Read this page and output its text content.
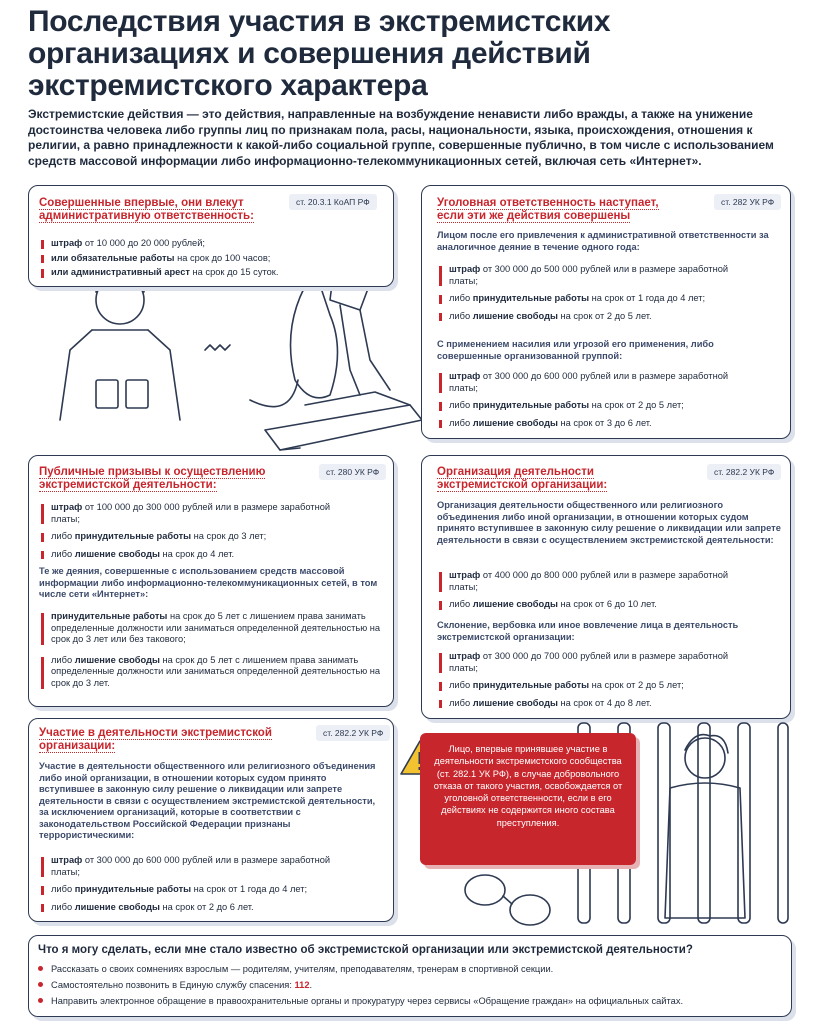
Последствия участия в экстремистских организациях и совершения действий экстремистского характера
Экстремистские действия — это действия, направленные на возбуждение ненависти либо вражды, а также на унижение достоинства человека либо группы лиц по признакам пола, расы, национальности, языка, происхождения, отношения к религии, а равно принадлежности к какой-либо социальной группе, совершенные публично, в том числе с использованием средств массовой информации либо информационно-телекоммуникационных сетей, включая сеть «Интернет».
Совершенные впервые, они влекут административную ответственность:
ст. 20.3.1 КоАП РФ
штраф от 10 000 до 20 000 рублей;
или обязательные работы на срок до 100 часов;
или административный арест на срок до 15 суток.
Уголовная ответственность наступает, если эти же действия совершены
ст. 282 УК РФ
Лицом после его привлечения к административной ответственности за аналогичное деяние в течение одного года:
штраф от 300 000 до 500 000 рублей или в размере заработной платы;
либо принудительные работы на срок от 1 года до 4 лет;
либо лишение свободы на срок от 2 до 5 лет.
С применением насилия или угрозой его применения, либо совершенные организованной группой:
штраф от 300 000 до 600 000 рублей или в размере заработной платы;
либо принудительные работы на срок от 2 до 5 лет;
либо лишение свободы на срок от 3 до 6 лет.
Публичные призывы к осуществлению экстремистской деятельности:
ст. 280 УК РФ
штраф от 100 000 до 300 000 рублей или в размере заработной платы;
либо принудительные работы на срок до 3 лет;
либо лишение свободы на срок до 4 лет.
Те же деяния, совершенные с использованием средств массовой информации либо информационно-телекоммуникационных сетей, в том числе сети «Интернет»:
принудительные работы на срок до 5 лет с лишением права занимать определенные должности или заниматься определенной деятельностью на срок до 3 лет или без такового;
либо лишение свободы на срок до 5 лет с лишением права занимать определенные должности или заниматься определенной деятельностью на срок до 3 лет.
Организация деятельности экстремистской организации:
ст. 282.2 УК РФ
Организация деятельности общественного или религиозного объединения либо иной организации, в отношении которых судом принято вступившее в законную силу решение о ликвидации или запрете деятельности в связи с осуществлением экстремистской деятельности:
штраф от 400 000 до 800 000 рублей или в размере заработной платы;
либо лишение свободы на срок от 6 до 10 лет.
Склонение, вербовка или иное вовлечение лица в деятельность экстремистской организации:
штраф от 300 000 до 700 000 рублей или в размере заработной платы;
либо принудительные работы на срок от 2 до 5 лет;
либо лишение свободы на срок от 4 до 8 лет.
Участие в деятельности экстремистской организации:
ст. 282.2 УК РФ
Участие в деятельности общественного или религиозного объединения либо иной организации, в отношении которых судом принято вступившее в законную силу решение о ликвидации или запрете деятельности в связи с осуществлением экстремистской деятельности, за исключением организаций, которые в соответствии с законодательством Российской Федерации признаны террористическими:
штраф от 300 000 до 600 000 рублей или в размере заработной платы;
либо принудительные работы на срок от 1 года до 4 лет;
либо лишение свободы на срок от 2 до 6 лет.
Лицо, впервые принявшее участие в деятельности экстремистского сообщества (ст. 282.1 УК РФ), в случае добровольного отказа от такого участия, освобождается от уголовной ответственности, если в его действиях не содержится иного состава преступления.
Что я могу сделать, если мне стало известно об экстремистской организации или экстремистской деятельности?
Рассказать о своих сомнениях взрослым — родителям, учителям, преподавателям, тренерам в спортивной секции.
Самостоятельно позвонить в Единую службу спасения: 112.
Направить электронное обращение в правоохранительные органы и прокуратуру через сервисы «Обращение граждан» на официальных сайтах.
